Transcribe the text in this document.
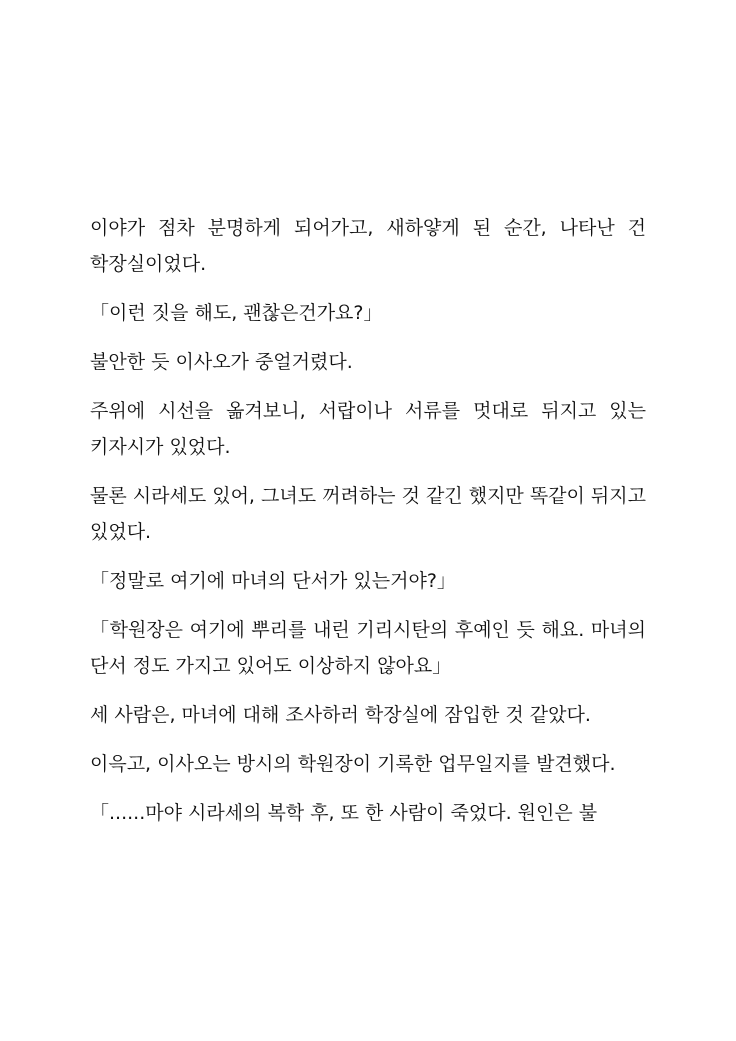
이야가 점차 분명하게 되어가고, 새하얗게 된 순간, 나타난 건 학장실이었다.

「이런 짓을 해도, 괜찮은건가요?」

불안한 듯 이사오가 중얼거렸다.

주위에 시선을 옮겨보니, 서랍이나 서류를 멋대로 뒤지고 있는 키자시가 있었다.

물론 시라세도 있어, 그녀도 꺼려하는 것 같긴 했지만 똑같이 뒤지고 있었다.

「정말로 여기에 마녀의 단서가 있는거야?」

「학원장은 여기에 뿌리를 내린 기리시탄의 후예인 듯 해요. 마녀의 단서 정도 가지고 있어도 이상하지 않아요」

세 사람은, 마녀에 대해 조사하러 학장실에 잠입한 것 같았다.

이윽고, 이사오는 방시의 학원장이 기록한 업무일지를 발견했다.

「......마야 시라세의 복학 후, 또 한 사람이 죽었다. 원인은 불
